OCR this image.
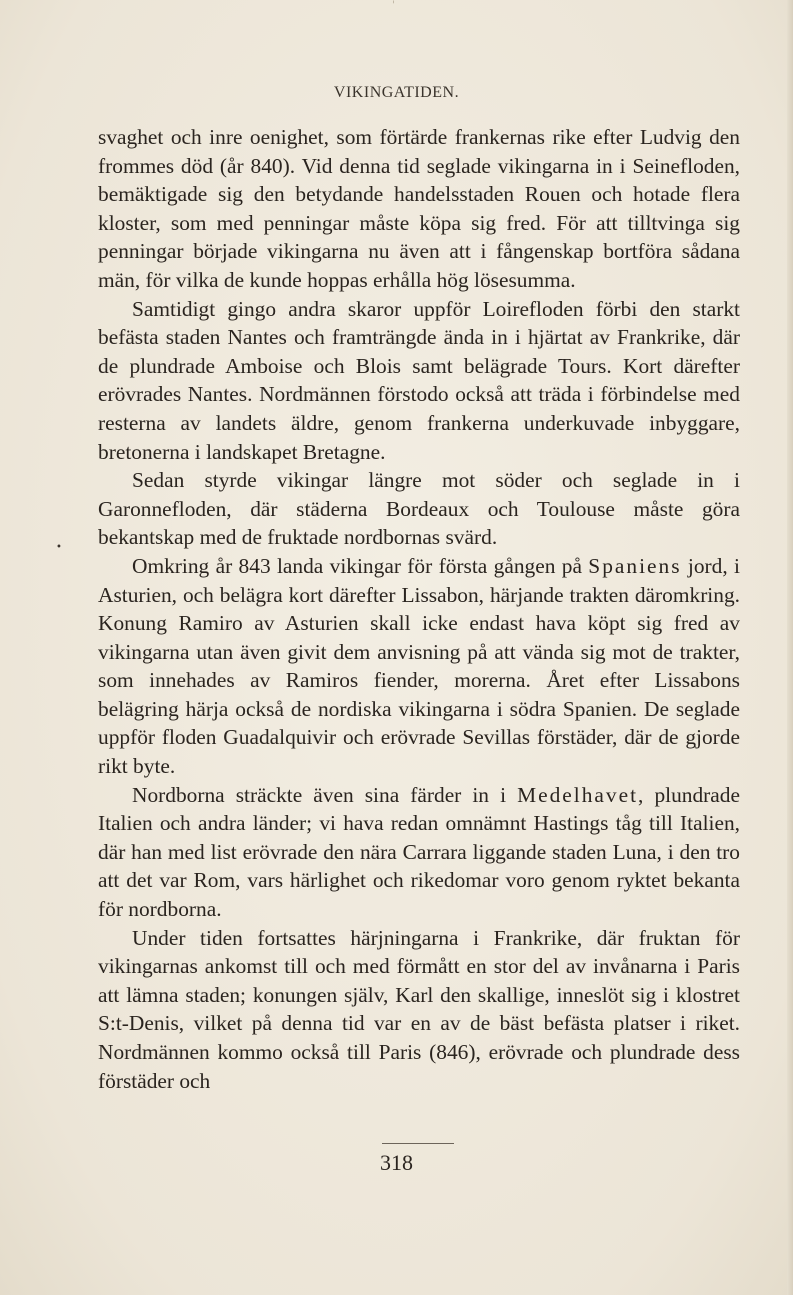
'
VIKINGATIDEN.
•

svaghet och inre oenighet, som förtärde frankernas rike efter Ludvig den frommes död (år 840). Vid denna tid seglade vikingarna in i Seinefloden, bemäktigade sig den betydande handelsstaden Rouen och hotade flera kloster, som med penningar måste köpa sig fred. För att tilltvinga sig penningar började vikingarna nu även att i fångenskap bortföra sådana män, för vilka de kunde hoppas erhålla hög lösesumma.

Samtidigt gingo andra skaror uppför Loirefloden förbi den starkt befästa staden Nantes och framträngde ända in i hjärtat av Frankrike, där de plundrade Amboise och Blois samt belägrade Tours. Kort därefter erövrades Nantes. Nordmännen förstodo också att träda i förbindelse med resterna av landets äldre, genom frankerna underkuvade inbyggare, bretonerna i landskapet Bretagne.

Sedan styrde vikingar längre mot söder och seglade in i Garonnefloden, där städerna Bordeaux och Toulouse måste göra bekantskap med de fruktade nordbornas svärd.

Omkring år 843 landa vikingar för första gången på Spaniens jord, i Asturien, och belägra kort därefter Lissabon, härjande trakten däromkring. Konung Ramiro av Asturien skall icke endast hava köpt sig fred av vikingarna utan även givit dem anvisning på att vända sig mot de trakter, som innehades av Ramiros fiender, morerna. Året efter Lissabons belägring härja också de nordiska vikingarna i södra Spanien. De seglade uppför floden Guadalquivir och erövrade Sevillas förstäder, där de gjorde rikt byte.

Nordborna sträckte även sina färder in i Medelhavet, plundrade Italien och andra länder; vi hava redan omnämnt Hastings tåg till Italien, där han med list erövrade den nära Carrara liggande staden Luna, i den tro att det var Rom, vars härlighet och rikedomar voro genom ryktet bekanta för nordborna.

Under tiden fortsattes härjningarna i Frankrike, där fruktan för vikingarnas ankomst till och med förmått en stor del av invånarna i Paris att lämna staden; konungen själv, Karl den skallige, inneslöt sig i klostret S:t-Denis, vilket på denna tid var en av de bäst befästa platser i riket. Nordmännen kommo också till Paris (846), erövrade och plundrade dess förstäder och

318
